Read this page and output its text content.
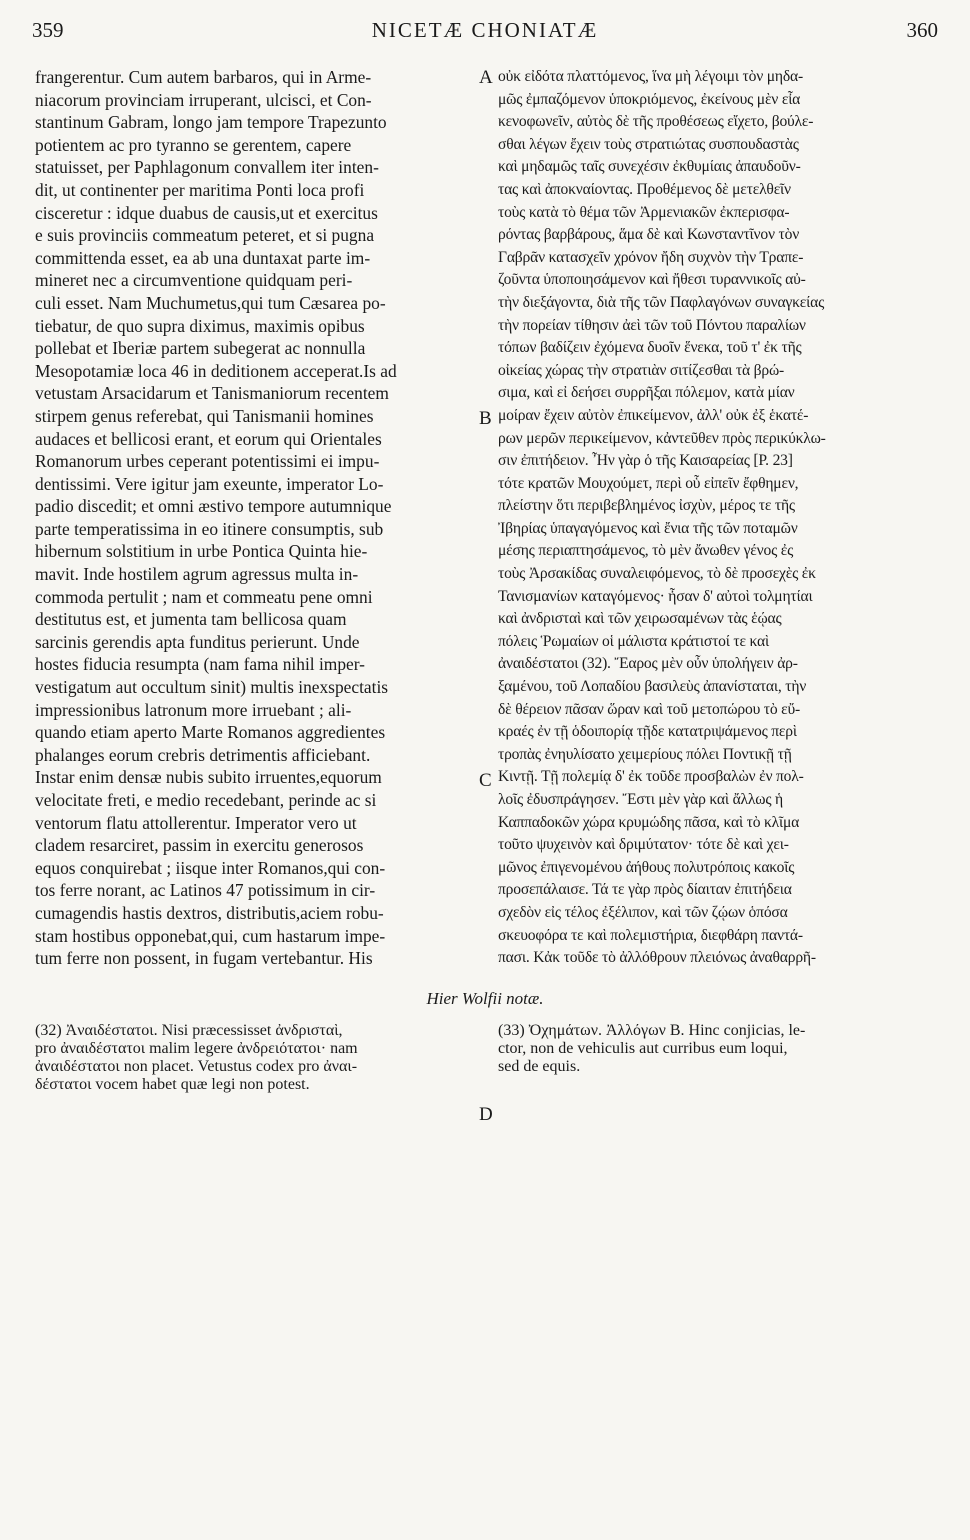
359	NICETÆ CHONIATÆ	360
frangerentur. Cum autem barbaros, qui in Arme-
niacorum provinciam irruperant, ulcisci, et Con-
stantinum Gabram, longo jam tempore Trapezunto
potientem ac pro tyranno se gerentem, capere
statuisset, per Paphlagonum convallem iter inten-
dit, ut continenter per maritima Ponti loca profi
cisceretur : idque duabus de causis,ut et exercitus
e suis provinciis commeatum peteret, et si pugna
committenda esset, ea ab una duntaxat parte im-
mineret nec a circumventione quidquam peri-
culi esset. Nam Muchumetus,qui tum Cæsarea po-
tiebatur, de quo supra diximus, maximis opibus
pollebat et Iberiæ partem subegerat ac nonnulla
Mesopotamiæ loca 46 in deditionem acceperat.Is ad
vetustam Arsacidarum et Tanismaniorum recentem
stirpem genus referebat, qui Tanismanii homines
audaces et bellicosi erant, et eorum qui Orientales
Romanorum urbes ceperant potentissimi ei impu-
dentissimi. Vere igitur jam exeunte, imperator Lo-
padio discedit; et omni æstivo tempore autumnique
parte temperatissima in eo itinere consumptis, sub
hibernum solstitium in urbe Pontica Quinta hie-
mavit. Inde hostilem agrum agressus multa in-
commoda pertulit ; nam et commeatu pene omni
destitutus est, et jumenta tam bellicosa quam
sarcinis gerendis apta funditus perierunt. Unde
hostes fiducia resumpta (nam fama nihil imper-
vestigatum aut occultum sinit) multis inexspectatis
impressionibus latronum more irruebant ; ali-
quando etiam aperto Marte Romanos aggredientes
phalanges eorum crebris detrimentis afficiebant.
Instar enim densæ nubis subito irruentes,equorum
velocitate freti, e medio recedebant, perinde ac si
ventorum flatu attollerentur. Imperator vero ut
cladem resarciret, passim in exercitu generosos
equos conquirebat ; iisque inter Romanos,qui con-
tos ferre norant, ac Latinos 47 potissimum in cir-
cumagendis hastis dextros, distributis,aciem robu-
stam hostibus opponebat,qui, cum hastarum impe-
tum ferre non possent, in fugam vertebantur. His
οὐκ εἰδότα πλαττόμενος, ἵνα μὴ λέγοιμι τὸν μηδα-
μῶς ἐμπαζόμενον ὑποκριόμενος, ἐκείνους μὲν εἶα
κενοφωνεῖν, αὐτὸς δὲ τῆς προθέσεως εἴχετο, βούλε-
σθαι λέγων ἔχειν τοὺς στρατιώτας συσπουδαστὰς
καὶ μηδαμῶς ταῖς συνεχέσιν ἐκθυμίαις ἀπαυδοῦν-
τας καὶ ἀποκναίοντας. Προθέμενος δὲ μετελθεῖν
τοὺς κατὰ τὸ θέμα τῶν Ἀρμενιακῶν ἐκπερισφα-
ρόντας βαρβάρους, ἅμα δὲ καὶ Κωνσταντῖνον τὸν
Γαβρᾶν κατασχεῖν χρόνον ἤδη συχνὸν τὴν Τραπε-
ζοῦντα ὑποποιησάμενον καὶ ἤθεσι τυραννικοῖς αὐ-
τὴν διεξάγοντα, διὰ τῆς τῶν Παφλαγόνων συναγκείας
τὴν πορείαν τίθησιν ἀεὶ τῶν τοῦ Πόντου παραλίων
τόπων βαδίζειν ἐχόμενα δυοῖν ἕνεκα, τοῦ τ' ἐκ τῆς
οἰκείας χώρας τὴν στρατιὰν σιτίζεσθαι τὰ βρώ-
σιμα, καὶ εἰ δεήσει συρρῆξαι πόλεμον, κατὰ μίαν
μοίραν ἔχειν αὐτὸν ἐπικείμενον, ἀλλ' οὐκ ἐξ ἑκατέ-
ρων μερῶν περικείμενον, κἀντεῦθεν πρὸς περικύκλω-
σιν ἐπιτήδειον. Ἦν γὰρ ὁ τῆς Καισαρείας [P. 23]
τότε κρατῶν Μουχούμετ, περὶ οὗ εἰπεῖν ἔφθημεν,
πλείστην ὅτι περιβεβλημένος ἰσχὺν, μέρος τε τῆς
Ἰβηρίας ὑπαγαγόμενος καὶ ἔνια τῆς τῶν ποταμῶν
μέσης περιαπτησάμενος, τὸ μὲν ἄνωθεν γένος ἐς
τοὺς Ἀρσακίδας συναλειφόμενος, τὸ δὲ προσεχὲς ἐκ
Τανισμανίων καταγόμενος· ἦσαν δ' αὐτοὶ τολμητίαι
καὶ ἀνδρισταὶ καὶ τῶν χειρωσαμένων τὰς ἑῴας
πόλεις Ῥωμαίων οἱ μάλιστα κράτιστοί τε καὶ
ἀναιδέστατοι (32). Ἔαρος μὲν οὖν ὑπολήγειν ἀρ-
ξαμένου, τοῦ Λοπαδίου βασιλεὺς ἀπανίσταται, τὴν
δὲ θέρειον πᾶσαν ὥραν καὶ τοῦ μετοπώρου τὸ εὔ-
κραές ἐν τῇ ὁδοιπορίᾳ τῇδε κατατριψάμενος περὶ
τροπὰς ἐνηυλίσατο χειμερίους πόλει Ποντικῇ τῇ
Κιντῇ. Τῇ πολεμίᾳ δ' ἐκ τοῦδε προσβαλὼν ἐν πολ-
λοῖς ἐδυσπράγησεν. Ἔστι μὲν γὰρ καὶ ἄλλως ἡ
Καππαδοκῶν χώρα κρυμώδης πᾶσα, καὶ τὸ κλῖμα
τοῦτο ψυχεινὸν καὶ δριμύτατον· τότε δὲ καὶ χει-
μῶνος ἐπιγενομένου ἀήθους πολυτρόποις κακοῖς
προσεπάλαισε. Τά τε γὰρ πρὸς δίαιταν ἐπιτήδεια
σχεδὸν εἰς τέλος ἐξέλιπον, καὶ τῶν ζῴων ὁπόσα
σκευοφόρα τε καὶ πολεμιστήρια, διεφθάρη παντά-
πασι. Κἀκ τοῦδε τὸ ἀλλόθρουν πλειόνως ἀναθαρρῆ-
A
B
C
D
Hier Wolfii notæ.
(32) Ἀναιδέστατοι. Nisi præcessisset ἀνδρισταὶ,
pro ἀναιδέστατοι malim legere ἀνδρειότατοι· nam
ἀναιδέστατοι non placet. Vetustus codex pro ἀναι-
δέστατοι vocem habet quæ legi non potest.
(33) Ὀχημάτων. Ἀλλόγων B. Hinc conjicias, le-
ctor, non de vehiculis aut curribus eum loqui,
sed de equis.
